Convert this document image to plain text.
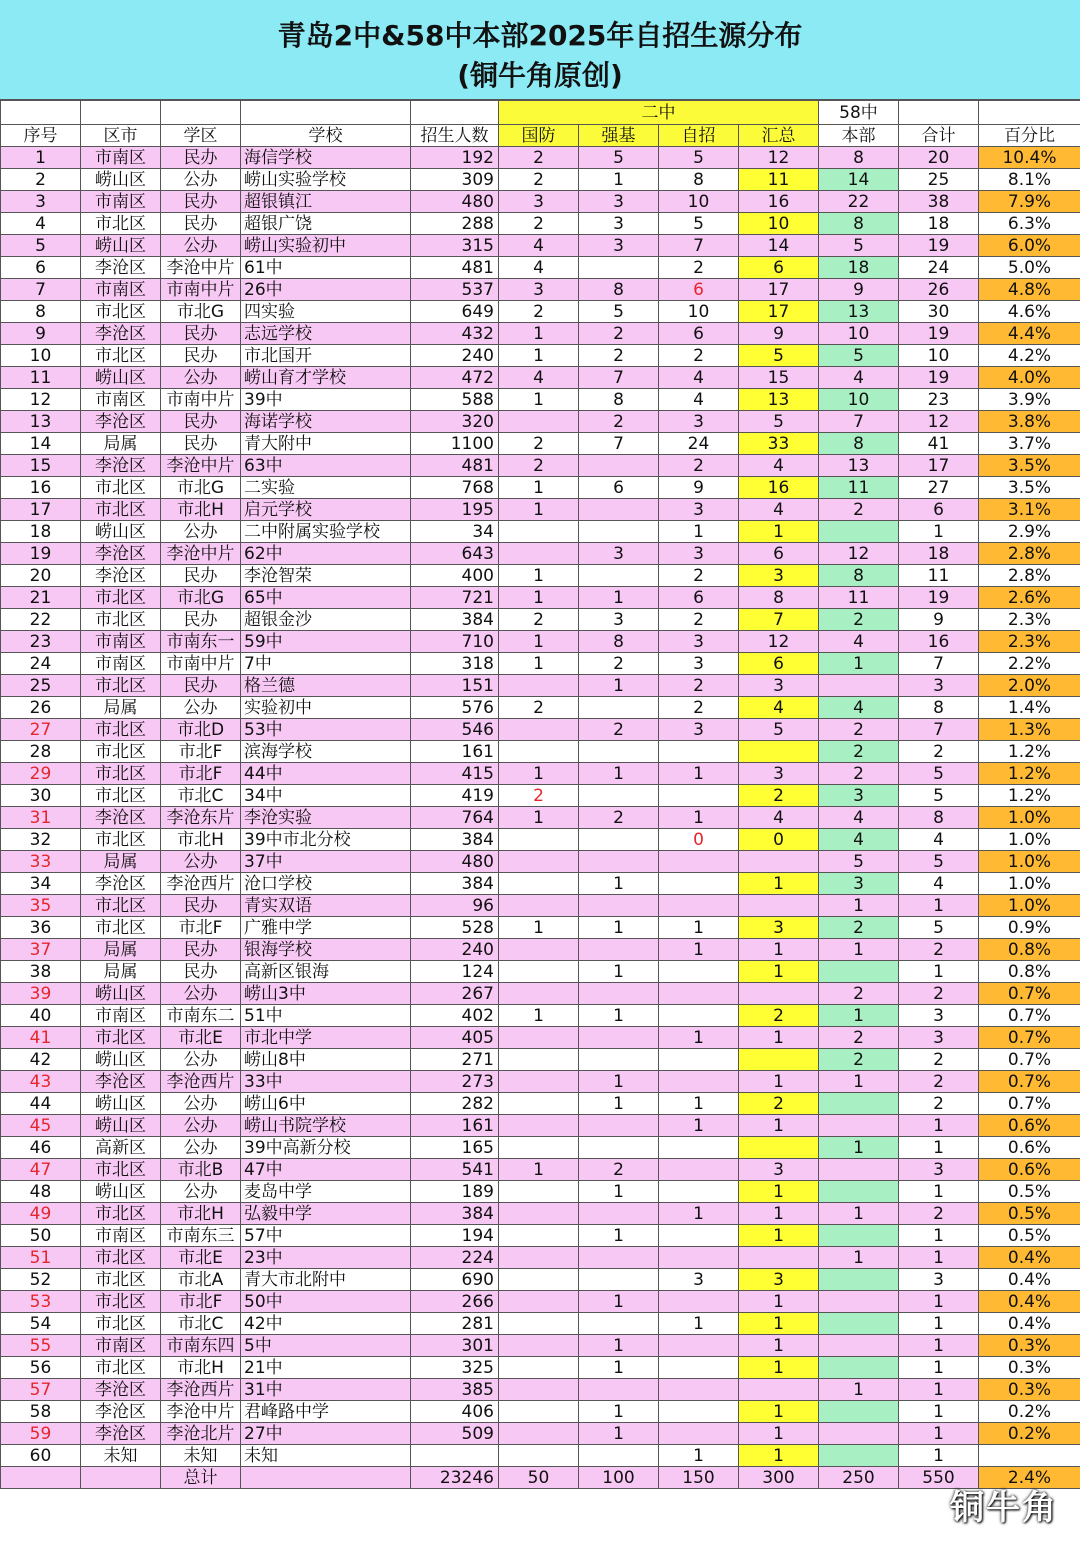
青岛2中&58中本部2025年自招生源分布
(铜牛角原创)
					二中				58中		
序号	区市	学区	学校	招生人数	国防	强基	自招	汇总	本部	合计	百分比
1	市南区	民办	海信学校	192	2	5	5	12	8	20	10.4%
2	崂山区	公办	崂山实验学校	309	2	1	8	11	14	25	8.1%
3	市南区	民办	超银镇江	480	3	3	10	16	22	38	7.9%
4	市北区	民办	超银广饶	288	2	3	5	10	8	18	6.3%
5	崂山区	公办	崂山实验初中	315	4	3	7	14	5	19	6.0%
6	李沧区	李沧中片	61中	481	4		2	6	18	24	5.0%
7	市南区	市南中片	26中	537	3	8	6	17	9	26	4.8%
8	市北区	市北G	四实验	649	2	5	10	17	13	30	4.6%
9	李沧区	民办	志远学校	432	1	2	6	9	10	19	4.4%
10	市北区	民办	市北国开	240	1	2	2	5	5	10	4.2%
11	崂山区	公办	崂山育才学校	472	4	7	4	15	4	19	4.0%
12	市南区	市南中片	39中	588	1	8	4	13	10	23	3.9%
13	李沧区	民办	海诺学校	320		2	3	5	7	12	3.8%
14	局属	民办	青大附中	1100	2	7	24	33	8	41	3.7%
15	李沧区	李沧中片	63中	481	2		2	4	13	17	3.5%
16	市北区	市北G	二实验	768	1	6	9	16	11	27	3.5%
17	市北区	市北H	启元学校	195	1		3	4	2	6	3.1%
18	崂山区	公办	二中附属实验学校	34			1	1		1	2.9%
19	李沧区	李沧中片	62中	643		3	3	6	12	18	2.8%
20	李沧区	民办	李沧智荣	400	1		2	3	8	11	2.8%
21	市北区	市北G	65中	721	1	1	6	8	11	19	2.6%
22	市北区	民办	超银金沙	384	2	3	2	7	2	9	2.3%
23	市南区	市南东一	59中	710	1	8	3	12	4	16	2.3%
24	市南区	市南中片	7中	318	1	2	3	6	1	7	2.2%
25	市北区	民办	格兰德	151		1	2	3		3	2.0%
26	局属	公办	实验初中	576	2		2	4	4	8	1.4%
27	市北区	市北D	53中	546		2	3	5	2	7	1.3%
28	市北区	市北F	滨海学校	161					2	2	1.2%
29	市北区	市北F	44中	415	1	1	1	3	2	5	1.2%
30	市北区	市北C	34中	419	2			2	3	5	1.2%
31	李沧区	李沧东片	李沧实验	764	1	2	1	4	4	8	1.0%
32	市北区	市北H	39中市北分校	384			0	0	4	4	1.0%
33	局属	公办	37中	480					5	5	1.0%
34	李沧区	李沧西片	沧口学校	384		1		1	3	4	1.0%
35	市北区	民办	青实双语	96					1	1	1.0%
36	市北区	市北F	广雅中学	528	1	1	1	3	2	5	0.9%
37	局属	民办	银海学校	240			1	1	1	2	0.8%
38	局属	民办	高新区银海	124		1		1		1	0.8%
39	崂山区	公办	崂山3中	267					2	2	0.7%
40	市南区	市南东二	51中	402	1	1		2	1	3	0.7%
41	市北区	市北E	市北中学	405			1	1	2	3	0.7%
42	崂山区	公办	崂山8中	271					2	2	0.7%
43	李沧区	李沧西片	33中	273		1		1	1	2	0.7%
44	崂山区	公办	崂山6中	282		1	1	2		2	0.7%
45	崂山区	公办	崂山书院学校	161			1	1		1	0.6%
46	高新区	公办	39中高新分校	165					1	1	0.6%
47	市北区	市北B	47中	541	1	2		3		3	0.6%
48	崂山区	公办	麦岛中学	189		1		1		1	0.5%
49	市北区	市北H	弘毅中学	384			1	1	1	2	0.5%
50	市南区	市南东三	57中	194		1		1		1	0.5%
51	市北区	市北E	23中	224					1	1	0.4%
52	市北区	市北A	青大市北附中	690			3	3		3	0.4%
53	市北区	市北F	50中	266		1		1		1	0.4%
54	市北区	市北C	42中	281			1	1		1	0.4%
55	市南区	市南东四	5中	301		1		1		1	0.3%
56	市北区	市北H	21中	325		1		1		1	0.3%
57	李沧区	李沧西片	31中	385					1	1	0.3%
58	李沧区	李沧中片	君峰路中学	406		1		1		1	0.2%
59	李沧区	李沧北片	27中	509		1		1		1	0.2%
60	未知	未知	未知				1	1		1	
		总计		23246	50	100	150	300	250	550	2.4%
铜牛角
